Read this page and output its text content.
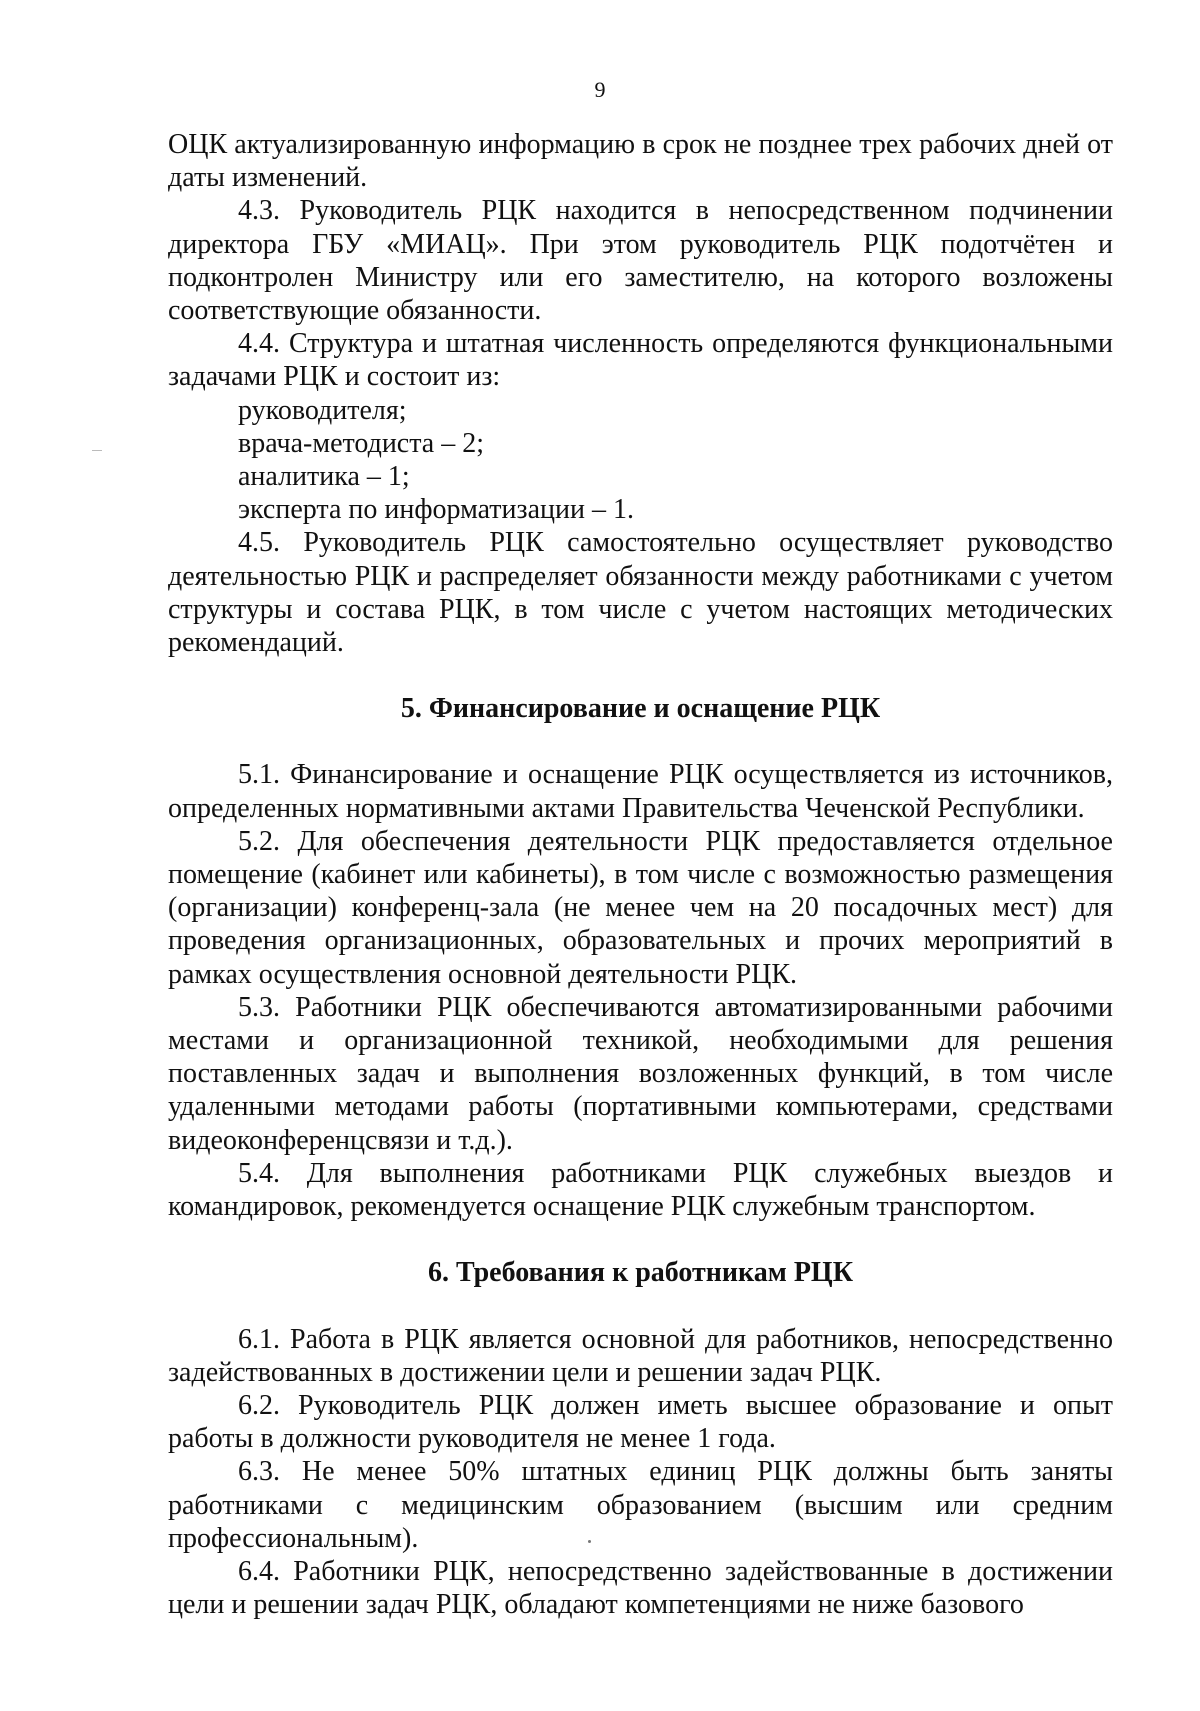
9

ОЦК актуализированную информацию в срок не позднее трех рабочих дней от даты изменений.

4.3. Руководитель РЦК находится в непосредственном подчинении директора ГБУ «МИАЦ». При этом руководитель РЦК подотчётен и подконтролен Министру или его заместителю, на которого возложены соответствующие обязанности.

4.4. Структура и штатная численность определяются функциональными задачами РЦК и состоит из:

руководителя;

врача-методиста – 2;

аналитика – 1;

эксперта по информатизации – 1.

4.5. Руководитель РЦК самостоятельно осуществляет руководство деятельностью РЦК и распределяет обязанности между работниками с учетом структуры и состава РЦК, в том числе с учетом настоящих методических рекомендаций.

5. Финансирование и оснащение РЦК

5.1. Финансирование и оснащение РЦК осуществляется из источников, определенных нормативными актами Правительства Чеченской Республики.

5.2. Для обеспечения деятельности РЦК предоставляется отдельное помещение (кабинет или кабинеты), в том числе с возможностью размещения (организации) конференц-зала (не менее чем на 20 посадочных мест) для проведения организационных, образовательных и прочих мероприятий в рамках осуществления основной деятельности РЦК.

5.3. Работники РЦК обеспечиваются автоматизированными рабочими местами и организационной техникой, необходимыми для решения поставленных задач и выполнения возложенных функций, в том числе удаленными методами работы (портативными компьютерами, средствами видеоконференцсвязи и т.д.).

5.4. Для выполнения работниками РЦК служебных выездов и командировок, рекомендуется оснащение РЦК служебным транспортом.

6. Требования к работникам РЦК

6.1. Работа в РЦК является основной для работников, непосредственно задействованных в достижении цели и решении задач РЦК.

6.2. Руководитель РЦК должен иметь высшее образование и опыт работы в должности руководителя не менее 1 года.

6.3. Не менее 50% штатных единиц РЦК должны быть заняты работниками с медицинским образованием (высшим или средним профессиональным).

6.4. Работники РЦК, непосредственно задействованные в достижении цели и решении задач РЦК, обладают компетенциями не ниже базового
